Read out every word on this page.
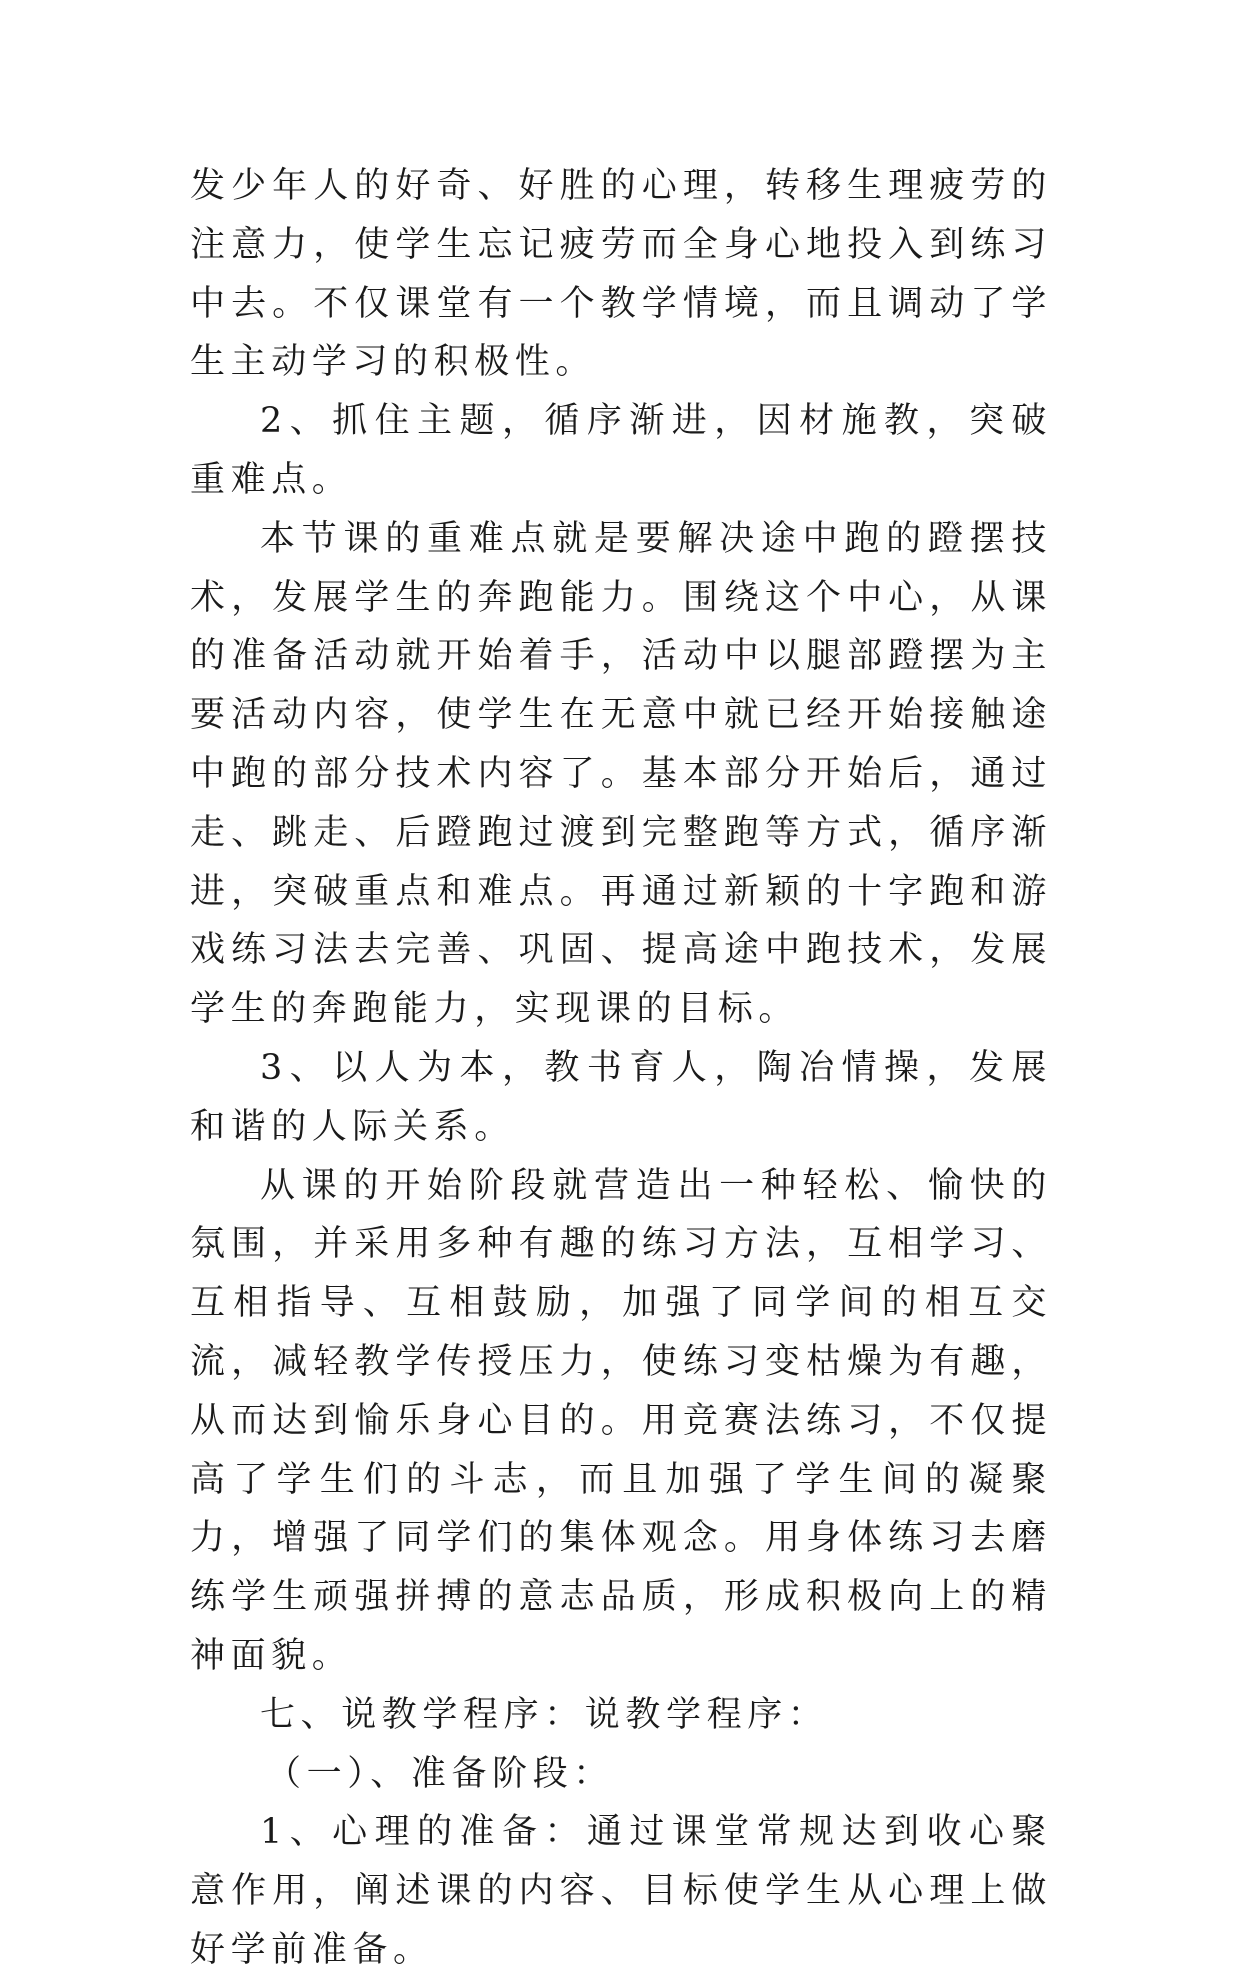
发少年人的好奇、好胜的心理，转移生理疲劳的注意力，使学生忘记疲劳而全身心地投入到练习中去。不仅课堂有一个教学情境，而且调动了学生主动学习的积极性。

2、抓住主题，循序渐进，因材施教，突破重难点。

本节课的重难点就是要解决途中跑的蹬摆技术，发展学生的奔跑能力。围绕这个中心，从课的准备活动就开始着手，活动中以腿部蹬摆为主要活动内容，使学生在无意中就已经开始接触途中跑的部分技术内容了。基本部分开始后，通过走、跳走、后蹬跑过渡到完整跑等方式，循序渐进，突破重点和难点。再通过新颖的十字跑和游戏练习法去完善、巩固、提高途中跑技术，发展学生的奔跑能力，实现课的目标。

3、以人为本，教书育人，陶冶情操，发展和谐的人际关系。

从课的开始阶段就营造出一种轻松、愉快的氛围，并采用多种有趣的练习方法，互相学习、互相指导、互相鼓励，加强了同学间的相互交流，减轻教学传授压力，使练习变枯燥为有趣，从而达到愉乐身心目的。用竞赛法练习，不仅提高了学生们的斗志，而且加强了学生间的凝聚力，增强了同学们的集体观念。用身体练习去磨练学生顽强拼搏的意志品质，形成积极向上的精神面貌。

七、说教学程序：说教学程序：

（一）、准备阶段：

1、心理的准备：通过课堂常规达到收心聚意作用，阐述课的内容、目标使学生从心理上做好学前准备。
